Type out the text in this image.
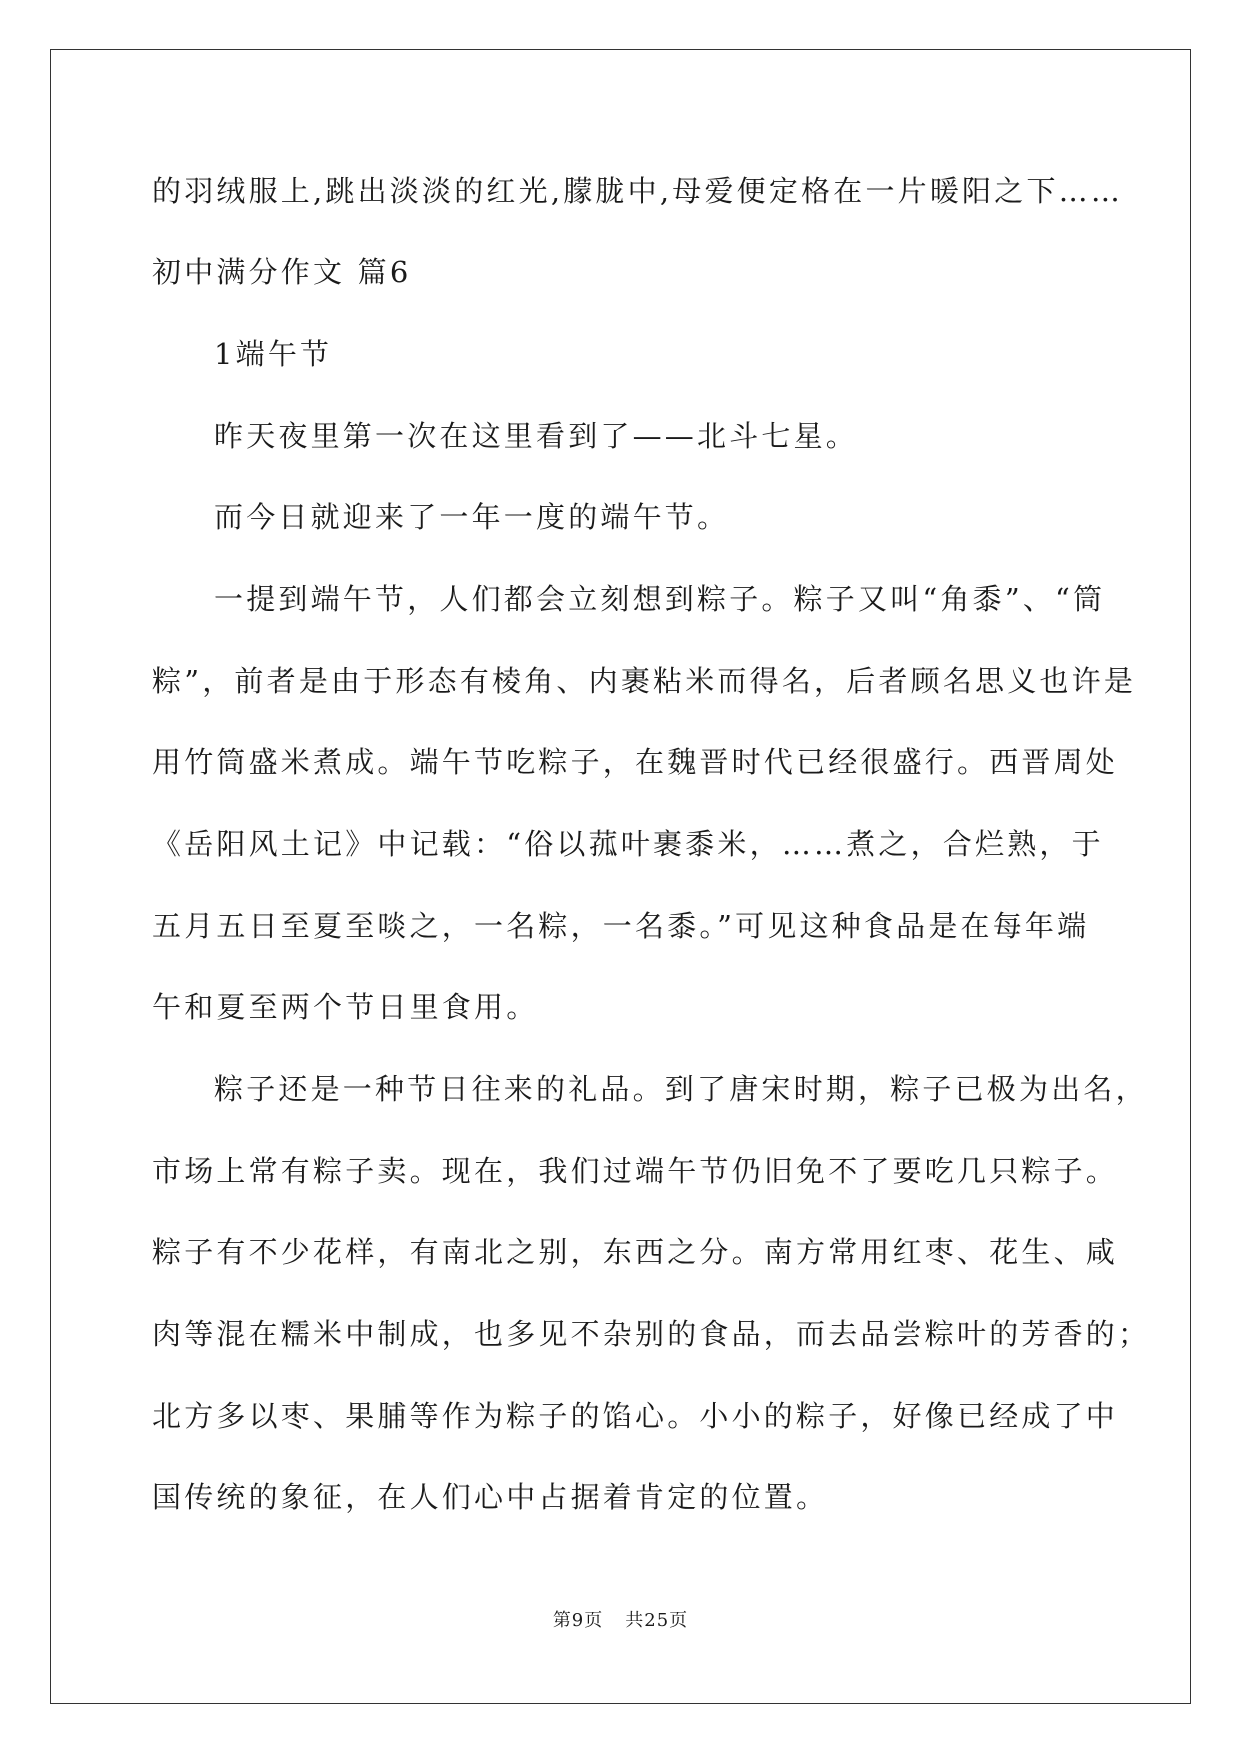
的羽绒服上,跳出淡淡的红光,朦胧中,母爱便定格在一片暖阳之下……
初中满分作文 篇6
1端午节
昨天夜里第一次在这里看到了——北斗七星。
而今日就迎来了一年一度的端午节。
一提到端午节，人们都会立刻想到粽子。粽子又叫“角黍”、“筒
粽”，前者是由于形态有棱角、内裹粘米而得名，后者顾名思义也许是
用竹筒盛米煮成。端午节吃粽子，在魏晋时代已经很盛行。西晋周处
《岳阳风土记》中记载：“俗以菰叶裹黍米，……煮之，合烂熟，于
五月五日至夏至啖之，一名粽，一名黍。”可见这种食品是在每年端
午和夏至两个节日里食用。
粽子还是一种节日往来的礼品。到了唐宋时期，粽子已极为出名，
市场上常有粽子卖。现在，我们过端午节仍旧免不了要吃几只粽子。
粽子有不少花样，有南北之别，东西之分。南方常用红枣、花生、咸
肉等混在糯米中制成，也多见不杂别的食品，而去品尝粽叶的芳香的；
北方多以枣、果脯等作为粽子的馅心。小小的粽子，好像已经成了中
国传统的象征，在人们心中占据着肯定的位置。
第9页 共25页
